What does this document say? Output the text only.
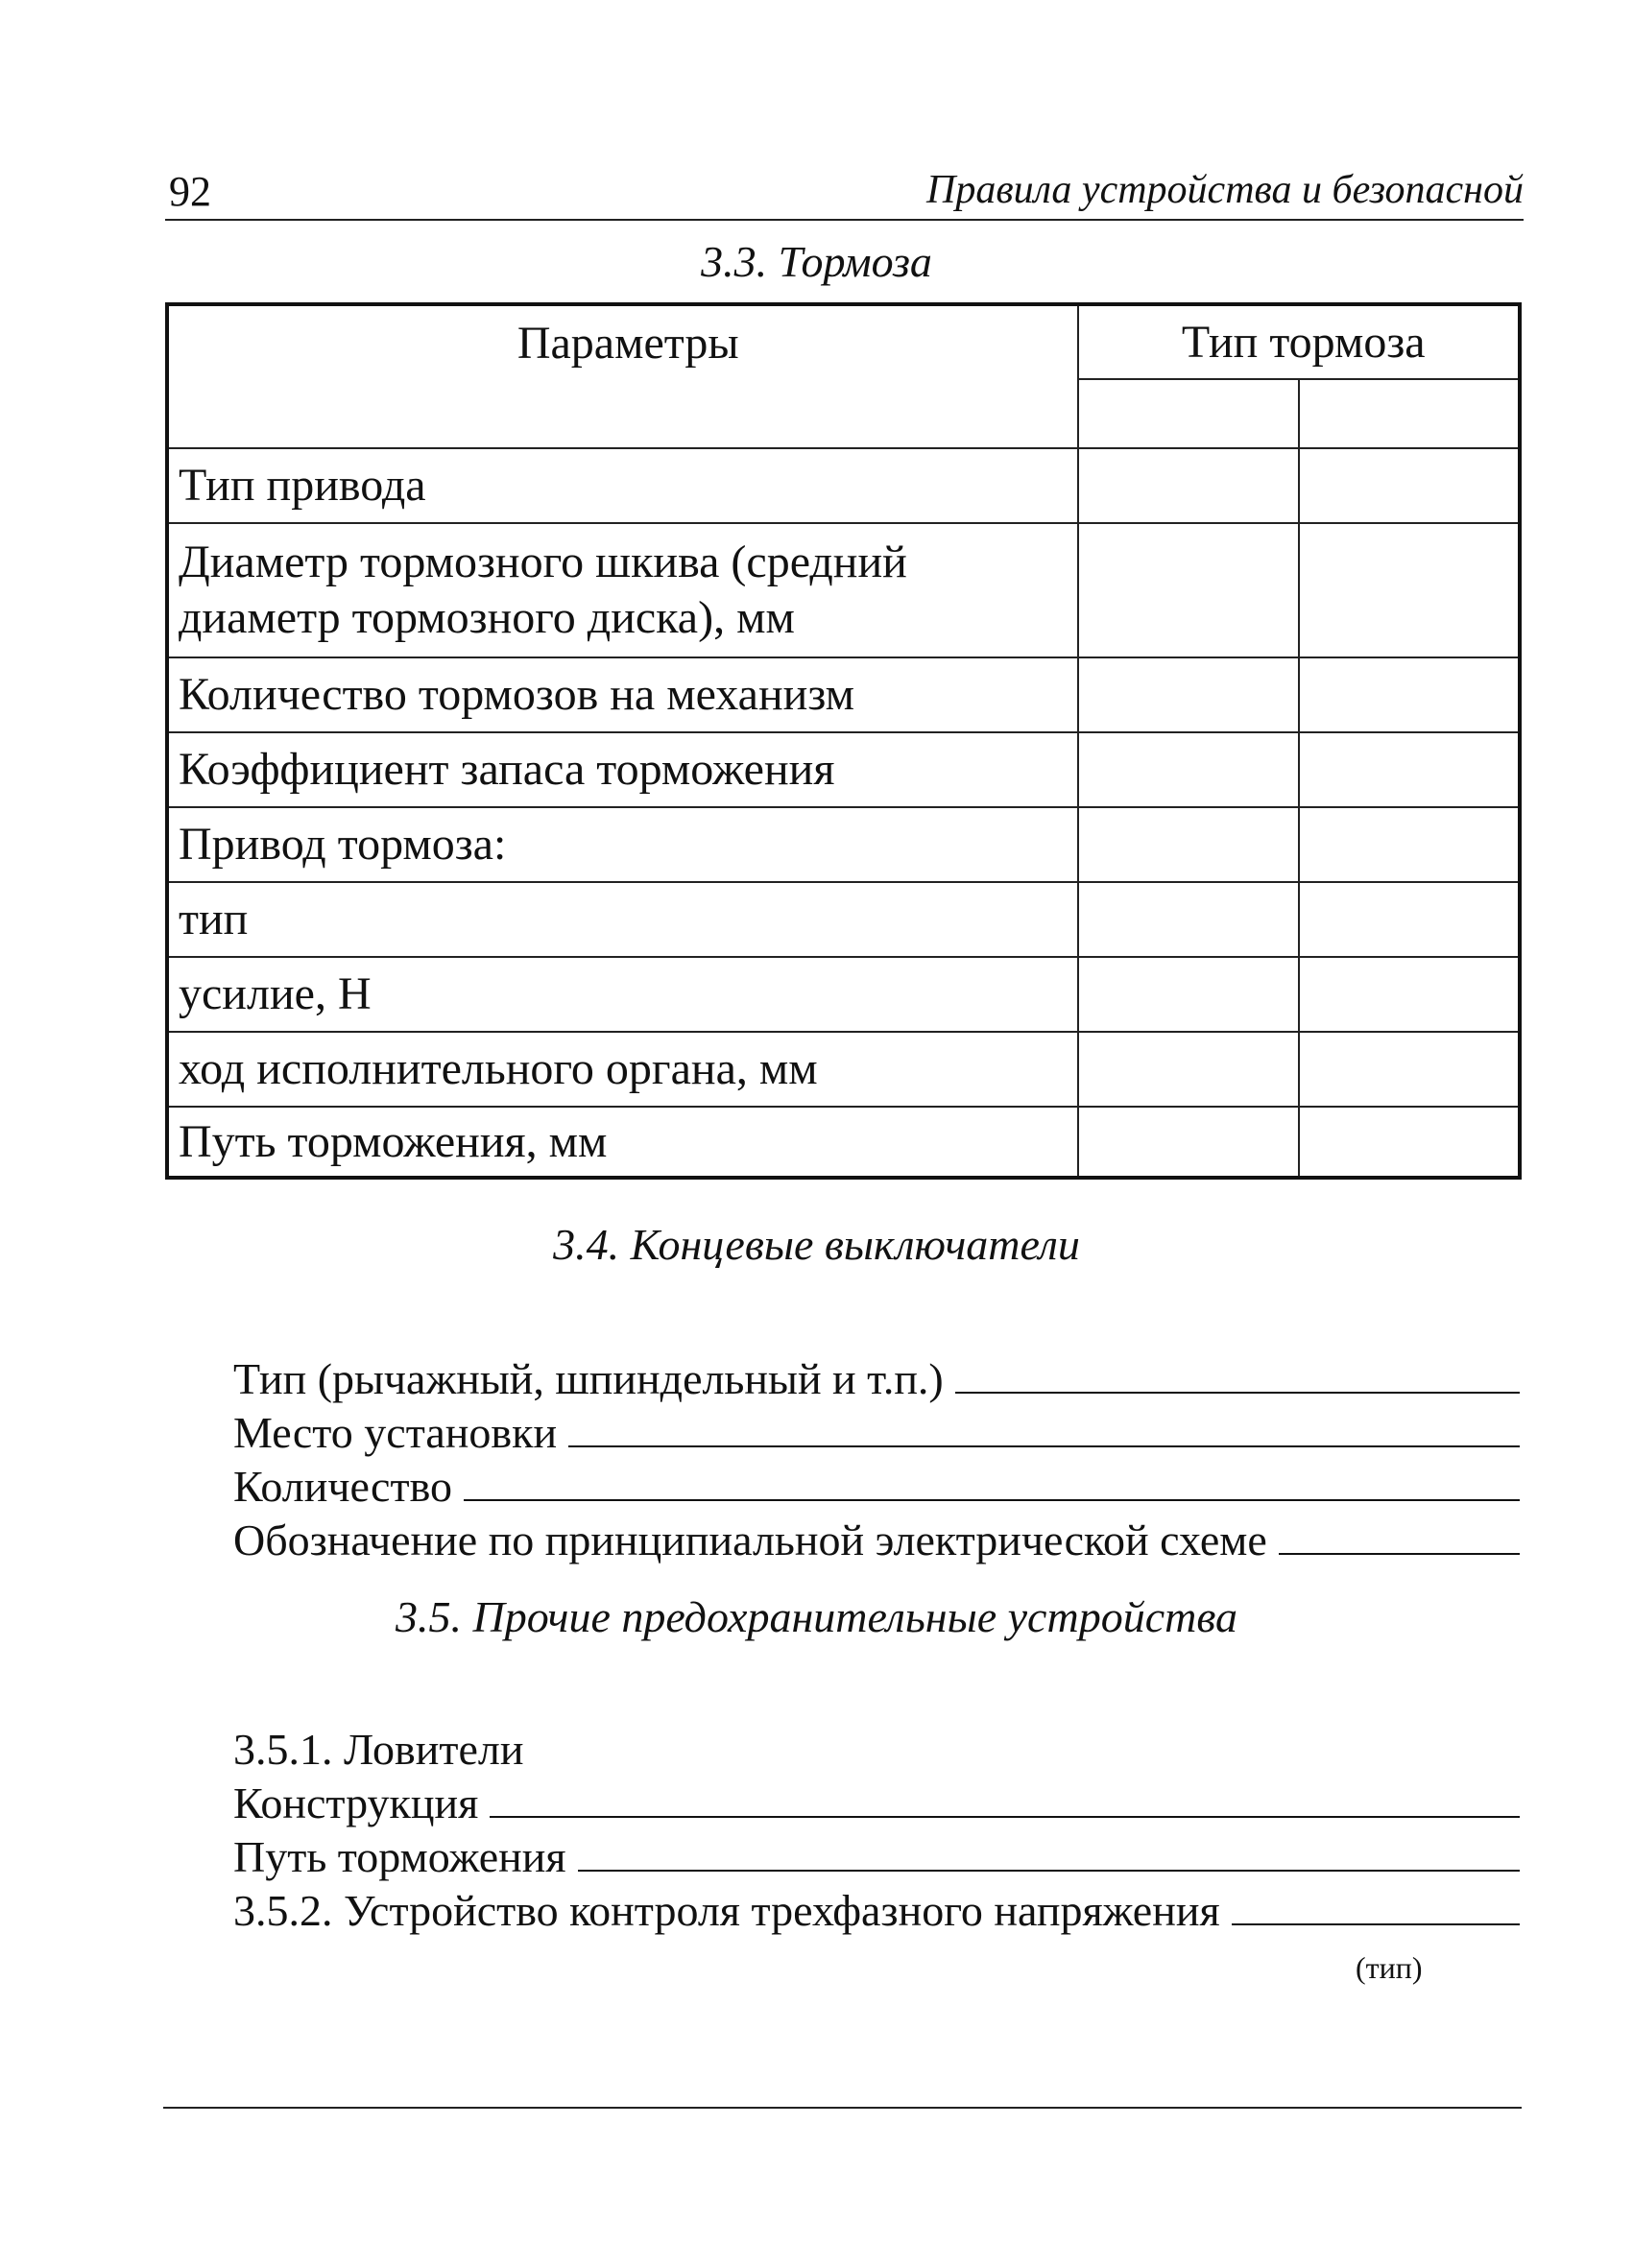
92	Правила устройства и безопасной
3.3. Тормоза
Параметры	Тип тормоза	

Тип привода		
Диаметр тормозного шкива (средний диаметр тормозного диска), мм		
Количество тормозов на механизм		
Коэффициент запаса торможения		
Привод тормоза:		
тип		
усилие, Н		
ход исполнительного органа, мм		
Путь торможения, мм		
3.4. Концевые выключатели
Тип (рычажный, шпиндельный и т.п.)
Место установки
Количество
Обозначение по принципиальной электрической схеме
3.5. Прочие предохранительные устройства
3.5.1. Ловители
Конструкция
Путь торможения
3.5.2. Устройство контроля трехфазного напряжения
(тип)
